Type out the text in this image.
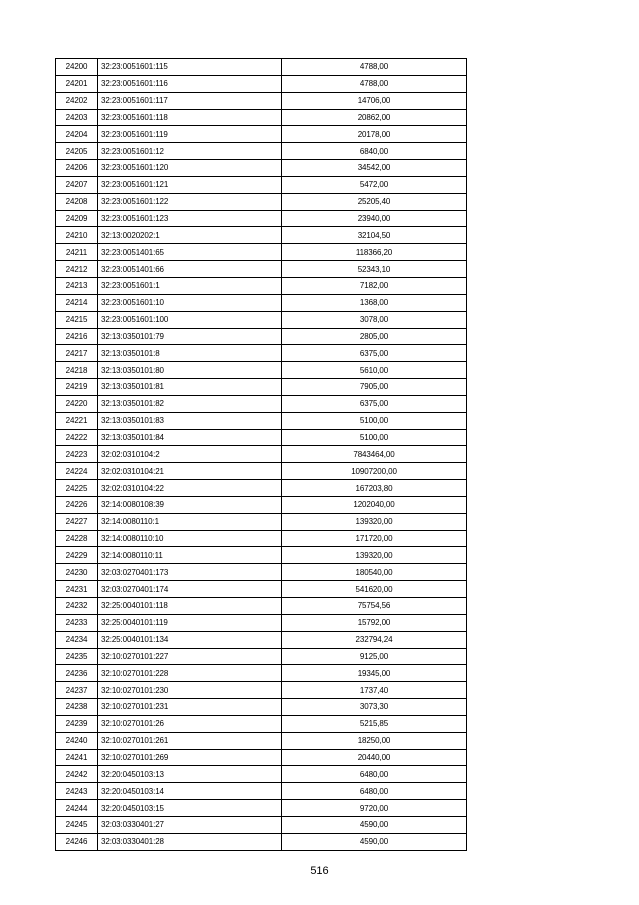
24200	32:23:0051601:115	4788,00
24201	32:23:0051601:116	4788,00
24202	32:23:0051601:117	14706,00
24203	32:23:0051601:118	20862,00
24204	32:23:0051601:119	20178,00
24205	32:23:0051601:12	6840,00
24206	32:23:0051601:120	34542,00
24207	32:23:0051601:121	5472,00
24208	32:23:0051601:122	25205,40
24209	32:23:0051601:123	23940,00
24210	32:13:0020202:1	32104,50
24211	32:23:0051401:65	118366,20
24212	32:23:0051401:66	52343,10
24213	32:23:0051601:1	7182,00
24214	32:23:0051601:10	1368,00
24215	32:23:0051601:100	3078,00
24216	32:13:0350101:79	2805,00
24217	32:13:0350101:8	6375,00
24218	32:13:0350101:80	5610,00
24219	32:13:0350101:81	7905,00
24220	32:13:0350101:82	6375,00
24221	32:13:0350101:83	5100,00
24222	32:13:0350101:84	5100,00
24223	32:02:0310104:2	7843464,00
24224	32:02:0310104:21	10907200,00
24225	32:02:0310104:22	167203,80
24226	32:14:0080108:39	1202040,00
24227	32:14:0080110:1	139320,00
24228	32:14:0080110:10	171720,00
24229	32:14:0080110:11	139320,00
24230	32:03:0270401:173	180540,00
24231	32:03:0270401:174	541620,00
24232	32:25:0040101:118	75754,56
24233	32:25:0040101:119	15792,00
24234	32:25:0040101:134	232794,24
24235	32:10:0270101:227	9125,00
24236	32:10:0270101:228	19345,00
24237	32:10:0270101:230	1737,40
24238	32:10:0270101:231	3073,30
24239	32:10:0270101:26	5215,85
24240	32:10:0270101:261	18250,00
24241	32:10:0270101:269	20440,00
24242	32:20:0450103:13	6480,00
24243	32:20:0450103:14	6480,00
24244	32:20:0450103:15	9720,00
24245	32:03:0330401:27	4590,00
24246	32:03:0330401:28	4590,00
516
